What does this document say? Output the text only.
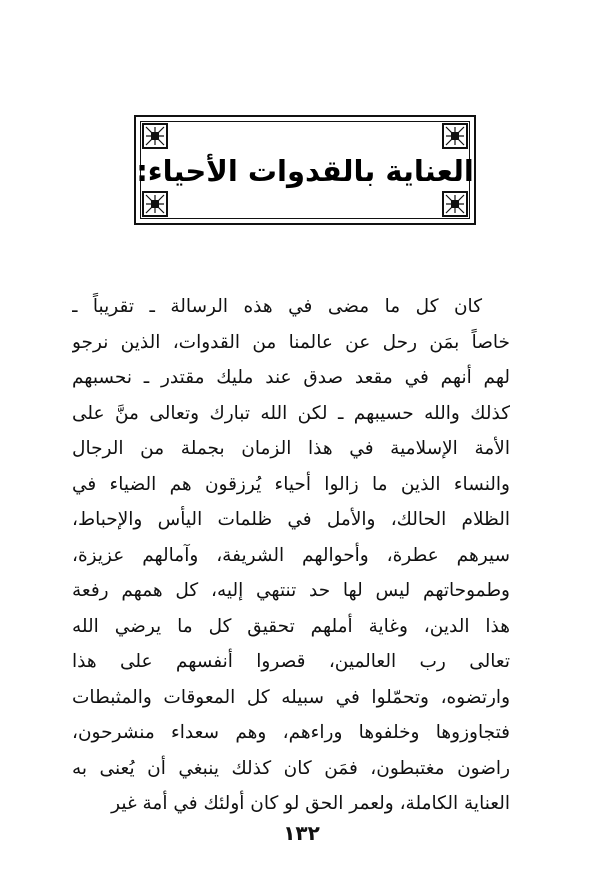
العناية بالقدوات الأحياء:
كان كل ما مضى في هذه الرسالة ـ تقريباً ـ
خاصاً بمَن رحل عن عالمنا من القدوات، الذين نرجو
لهم أنهم في مقعد صدق عند مليك مقتدر ـ نحسبهم
كذلك والله حسيبهم ـ لكن الله تبارك وتعالى منَّ على
الأمة الإسلامية في هذا الزمان بجملة من الرجال
والنساء الذين ما زالوا أحياء يُرزقون هم الضياء في
الظلام الحالك، والأمل في ظلمات اليأس والإحباط،
سيرهم عطرة، وأحوالهم الشريفة، وآمالهم عزيزة،
وطموحاتهم ليس لها حد تنتهي إليه، كل همهم رفعة
هذا الدين، وغاية أملهم تحقيق كل ما يرضي الله
تعالى رب العالمين، قصروا أنفسهم على هذا
وارتضوه، وتحمّلوا في سبيله كل المعوقات والمثبطات
فتجاوزوها وخلفوها وراءهم، وهم سعداء منشرحون،
راضون مغتبطون، فمَن كان كذلك ينبغي أن يُعنى به
العناية الكاملة، ولعمر الحق لو كان أولئك في أمة غير
١٣٢
